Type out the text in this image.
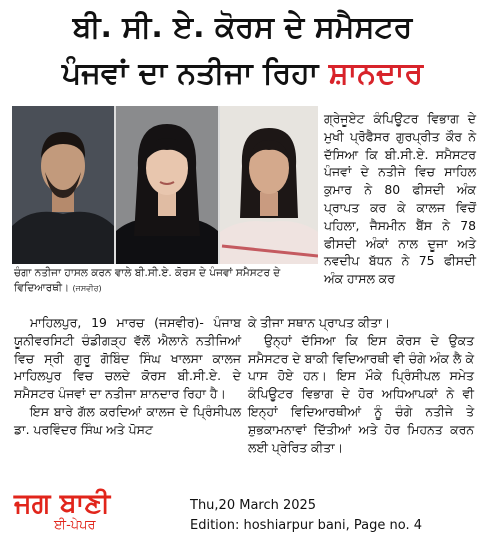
ਬੀ. ਸੀ. ਏ. ਕੋਰਸ ਦੇ ਸਮੈਸਟਰ
ਪੰਜਵਾਂ ਦਾ ਨਤੀਜਾ ਰਿਹਾ ਸ਼ਾਨਦਾਰ
ਚੰਗਾ ਨਤੀਜਾ ਹਾਸਲ ਕਰਨ ਵਾਲੇ ਬੀ.ਸੀ.ਏ. ਕੋਰਸ ਦੇ ਪੰਜਵਾਂ ਸਮੈਸਟਰ ਦੇ ਵਿਦਿਆਰਥੀ। (ਜਸਵੀਰ)

ਗ੍ਰੇਜੂਏਟ ਕੰਪਿਊਟਰ ਵਿਭਾਗ ਦੇ ਮੁਖੀ ਪ੍ਰੋਫੈਸਰ ਗੁਰਪ੍ਰੀਤ ਕੌਰ ਨੇ ਦੱਸਿਆ ਕਿ ਬੀ.ਸੀ.ਏ. ਸਮੈਸਟਰ ਪੰਜਵਾਂ ਦੇ ਨਤੀਜੇ ਵਿਚ ਸਾਹਿਲ ਕੁਮਾਰ ਨੇ 80 ਫੀਸਦੀ ਅੰਕ ਪ੍ਰਾਪਤ ਕਰ ਕੇ ਕਾਲਜ ਵਿਚੋਂ ਪਹਿਲਾ, ਜੈਸਮੀਨ ਬੈਂਸ ਨੇ 78 ਫੀਸਦੀ ਅੰਕਾਂ ਨਾਲ ਦੂਜਾ ਅਤੇ ਨਵਦੀਪ ਬੱਧਨ ਨੇ 75 ਫੀਸਦੀ ਅੰਕ ਹਾਸਲ ਕਰ

ਮਾਹਿਲਪੁਰ, 19 ਮਾਰਚ (ਜਸਵੀਰ)- ਪੰਜਾਬ ਯੂਨੀਵਰਸਿਟੀ ਚੰਡੀਗੜ੍ਹ ਵੱਲੋਂ ਐਲਾਨੇ ਨਤੀਜਿਆਂ ਵਿਚ ਸ੍ਰੀ ਗੁਰੂ ਗੋਬਿੰਦ ਸਿੰਘ ਖਾਲਸਾ ਕਾਲਜ ਮਾਹਿਲਪੁਰ ਵਿਚ ਚਲਦੇ ਕੋਰਸ ਬੀ.ਸੀ.ਏ. ਦੇ ਸਮੈਸਟਰ ਪੰਜਵਾਂ ਦਾ ਨਤੀਜਾ ਸ਼ਾਨਦਾਰ ਰਿਹਾ ਹੈ।

ਇਸ ਬਾਰੇ ਗੱਲ ਕਰਦਿਆਂ ਕਾਲਜ ਦੇ ਪ੍ਰਿੰਸੀਪਲ ਡਾ. ਪਰਵਿੰਦਰ ਸਿੰਘ ਅਤੇ ਪੋਸਟ

ਕੇ ਤੀਜਾ ਸਥਾਨ ਪ੍ਰਾਪਤ ਕੀਤਾ।

ਉਨ੍ਹਾਂ ਦੱਸਿਆ ਕਿ ਇਸ ਕੋਰਸ ਦੇ ਉਕਤ ਸਮੈਸਟਰ ਦੇ ਬਾਕੀ ਵਿਦਿਆਰਥੀ ਵੀ ਚੰਗੇ ਅੰਕ ਲੈ ਕੇ ਪਾਸ ਹੋਏ ਹਨ। ਇਸ ਮੌਕੇ ਪ੍ਰਿੰਸੀਪਲ ਸਮੇਤ ਕੰਪਿਊਟਰ ਵਿਭਾਗ ਦੇ ਹੋਰ ਅਧਿਆਪਕਾਂ ਨੇ ਵੀ ਇਨ੍ਹਾਂ ਵਿਦਿਆਰਥੀਆਂ ਨੂੰ ਚੰਗੇ ਨਤੀਜੇ ਤੇ ਸ਼ੁਭਕਾਮਨਾਵਾਂ ਦਿੱਤੀਆਂ ਅਤੇ ਹੋਰ ਮਿਹਨਤ ਕਰਨ ਲਈ ਪ੍ਰੇਰਿਤ ਕੀਤਾ।

ਜਗ ਬਾਣੀ
ਈ-ਪੇਪਰ
Thu,20 March 2025
Edition: hoshiarpur bani, Page no. 4
